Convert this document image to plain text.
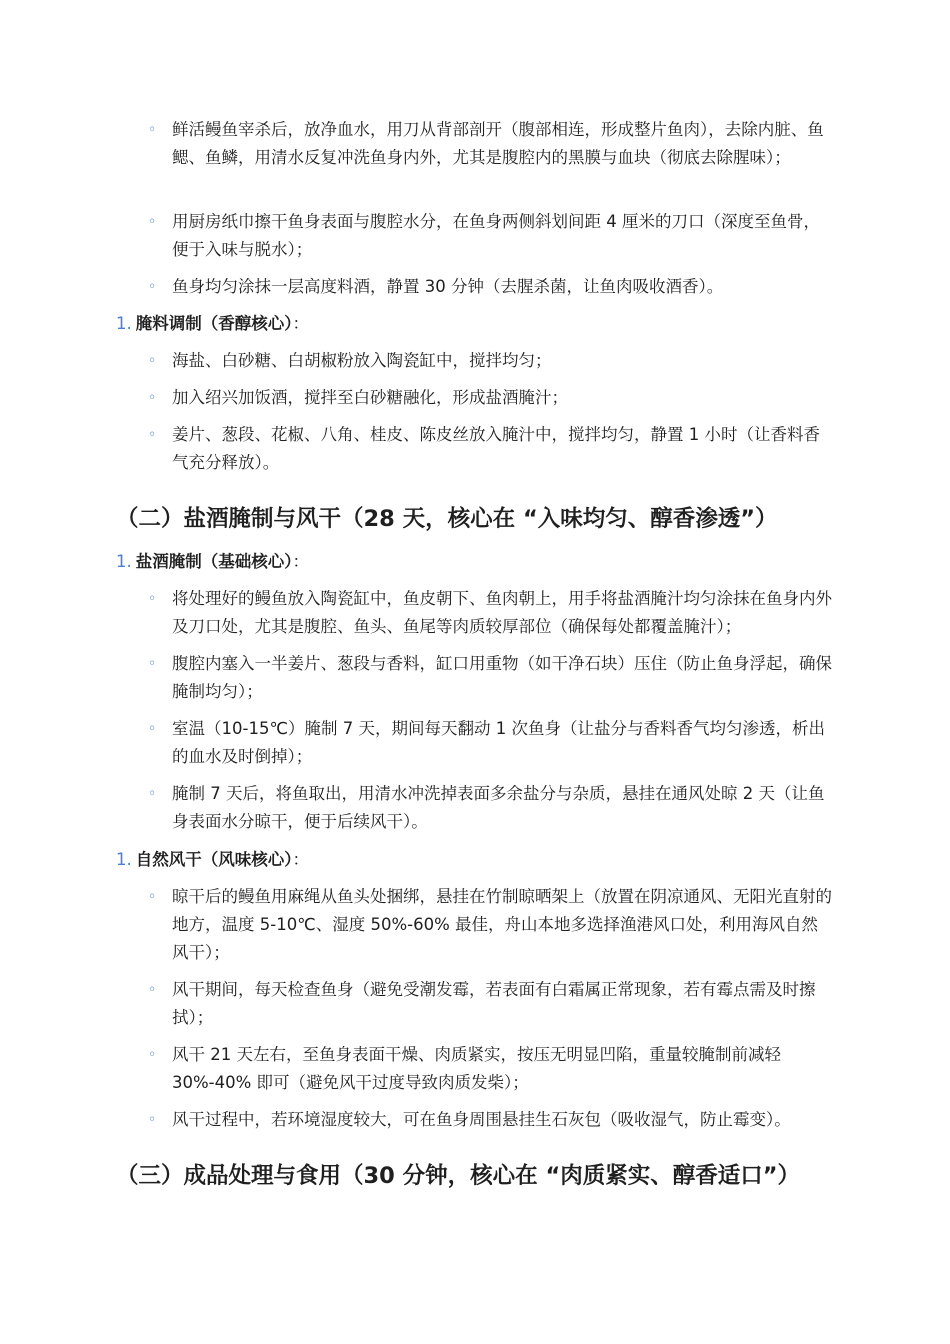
◦ 鲜活鳗鱼宰杀后，放净血水，用刀从背部剖开（腹部相连，形成整片鱼肉），去除内脏、鱼鳃、鱼鳞，用清水反复冲洗鱼身内外，尤其是腹腔内的黑膜与血块（彻底去除腥味）；

◦ 用厨房纸巾擦干鱼身表面与腹腔水分，在鱼身两侧斜划间距 4 厘米的刀口（深度至鱼骨，便于入味与脱水）；

◦ 鱼身均匀涂抹一层高度料酒，静置 30 分钟（去腥杀菌，让鱼肉吸收酒香）。

1. 腌料调制（香醇核心）：

◦ 海盐、白砂糖、白胡椒粉放入陶瓷缸中，搅拌均匀；

◦ 加入绍兴加饭酒，搅拌至白砂糖融化，形成盐酒腌汁；

◦ 姜片、葱段、花椒、八角、桂皮、陈皮丝放入腌汁中，搅拌均匀，静置 1 小时（让香料香气充分释放）。

（二）盐酒腌制与风干（28 天，核心在 “入味均匀、醇香渗透”）

1. 盐酒腌制（基础核心）：

◦ 将处理好的鳗鱼放入陶瓷缸中，鱼皮朝下、鱼肉朝上，用手将盐酒腌汁均匀涂抹在鱼身内外及刀口处，尤其是腹腔、鱼头、鱼尾等肉质较厚部位（确保每处都覆盖腌汁）；

◦ 腹腔内塞入一半姜片、葱段与香料，缸口用重物（如干净石块）压住（防止鱼身浮起，确保腌制均匀）；

◦ 室温（10-15℃）腌制 7 天，期间每天翻动 1 次鱼身（让盐分与香料香气均匀渗透，析出的血水及时倒掉）；

◦ 腌制 7 天后，将鱼取出，用清水冲洗掉表面多余盐分与杂质，悬挂在通风处晾 2 天（让鱼身表面水分晾干，便于后续风干）。

1. 自然风干（风味核心）：

◦ 晾干后的鳗鱼用麻绳从鱼头处捆绑，悬挂在竹制晾晒架上（放置在阴凉通风、无阳光直射的地方，温度 5-10℃、湿度 50%-60% 最佳，舟山本地多选择渔港风口处，利用海风自然风干）；

◦ 风干期间，每天检查鱼身（避免受潮发霉，若表面有白霜属正常现象，若有霉点需及时擦拭）；

◦ 风干 21 天左右，至鱼身表面干燥、肉质紧实，按压无明显凹陷，重量较腌制前减轻 30%-40% 即可（避免风干过度导致肉质发柴）；

◦ 风干过程中，若环境湿度较大，可在鱼身周围悬挂生石灰包（吸收湿气，防止霉变）。

（三）成品处理与食用（30 分钟，核心在 “肉质紧实、醇香适口”）
